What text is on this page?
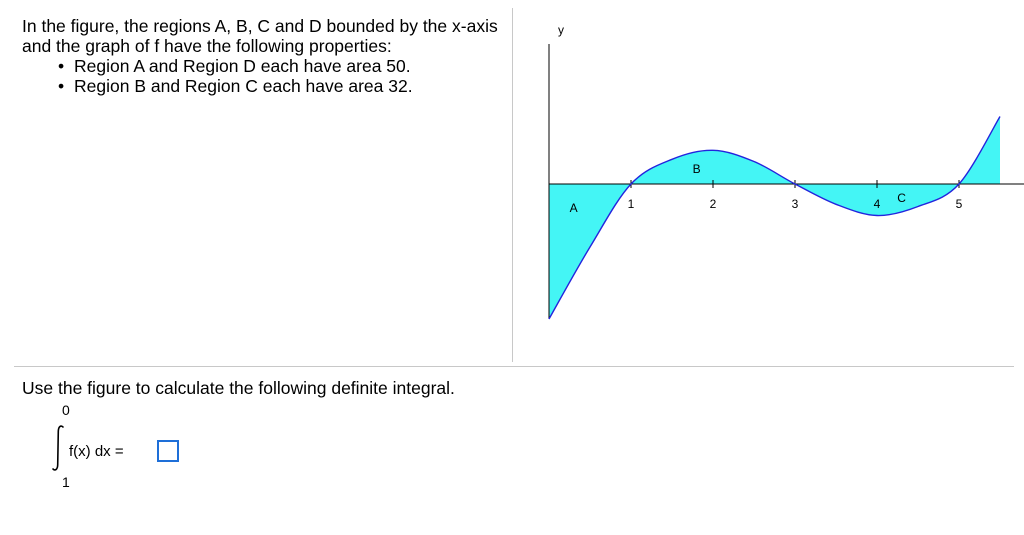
In the figure, the regions A, B, C and D bounded by the x-axis and the graph of f have the following properties:

• Region A and Region D each have area 50.
• Region B and Region C each have area 32.
y
1	2	3	4	5
A
B
C
Use the figure to calculate the following definite integral.
0
f(x) dx =
1
